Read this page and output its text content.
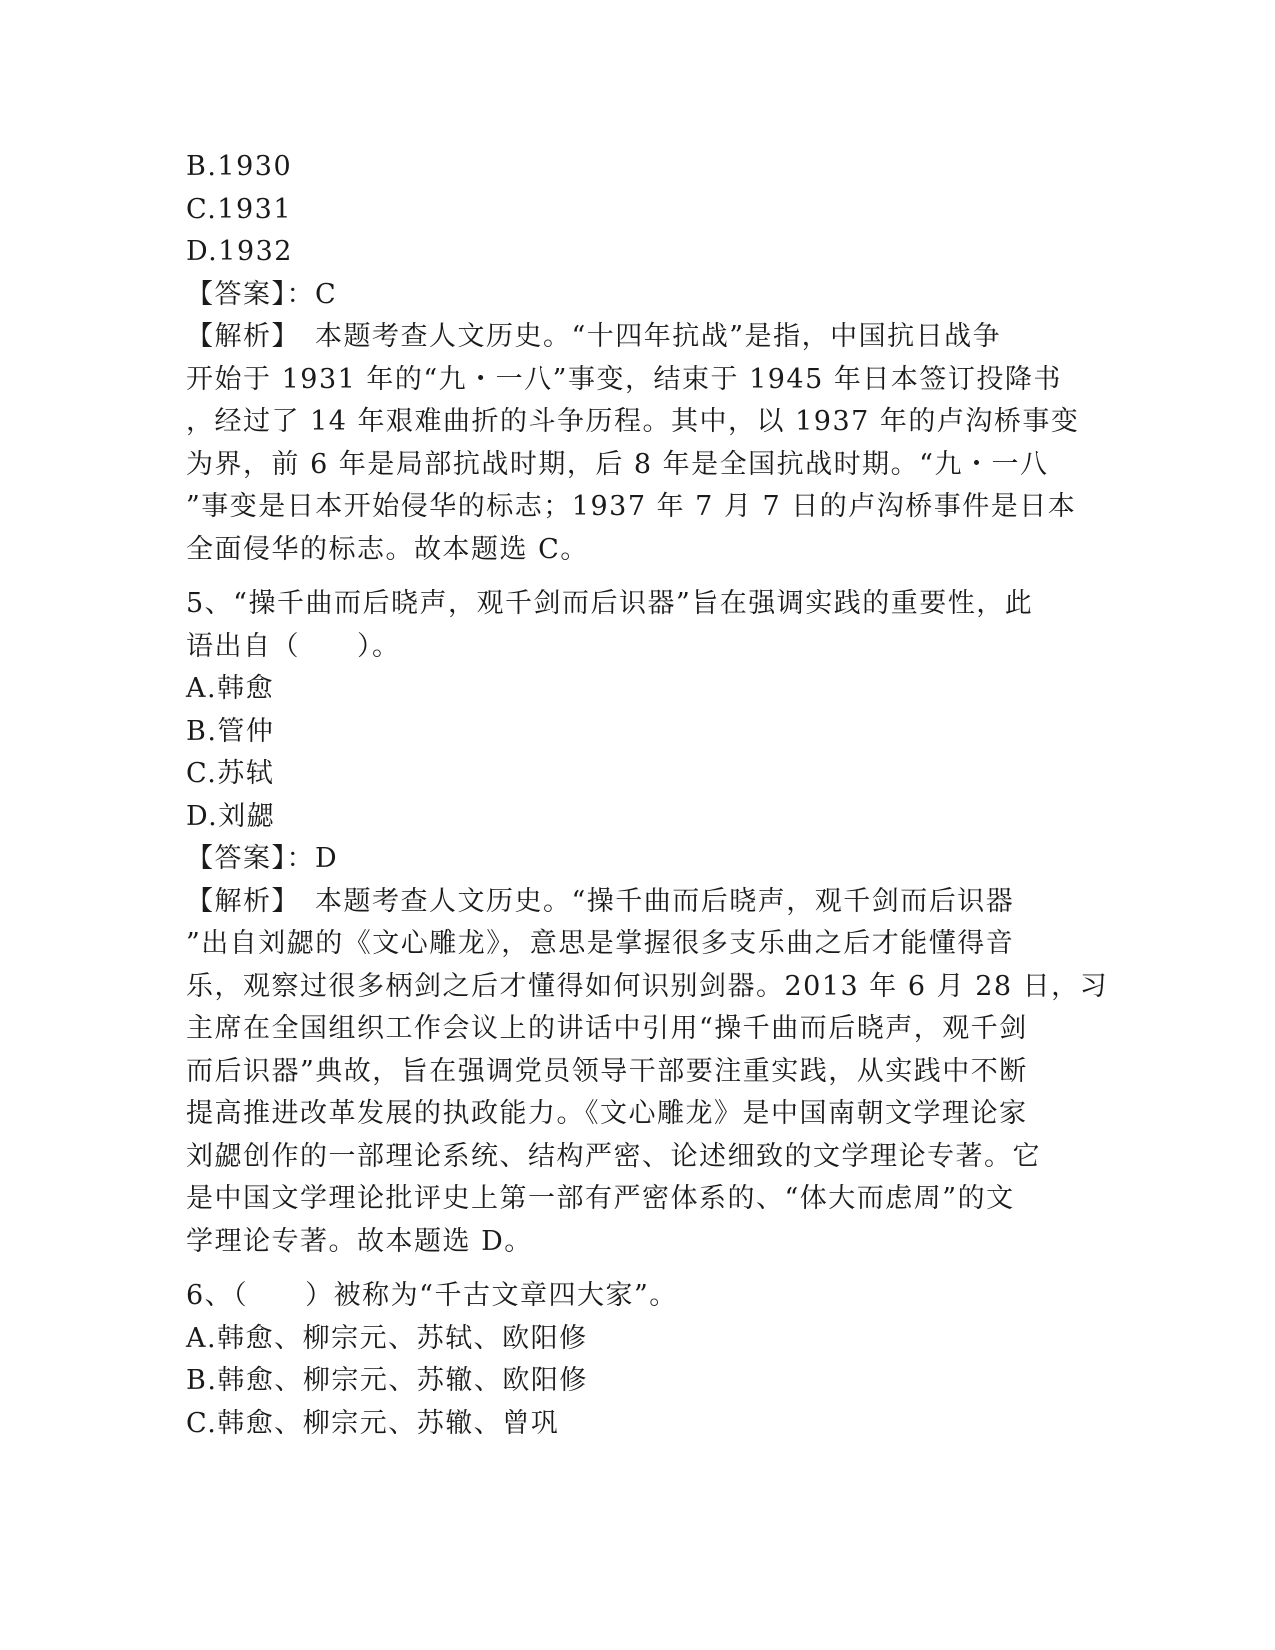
B.1930
C.1931
D.1932
【答案】：C
【解析】　本题考查人文历史。“十四年抗战”是指，中国抗日战争
开始于 1931 年的“九・一八”事变，结束于 1945 年日本签订投降书
，经过了 14 年艰难曲折的斗争历程。其中，以 1937 年的卢沟桥事变
为界，前 6 年是局部抗战时期，后 8 年是全国抗战时期。“九・一八
”事变是日本开始侵华的标志；1937 年 7 月 7 日的卢沟桥事件是日本
全面侵华的标志。故本题选 C。
5、“操千曲而后晓声，观千剑而后识器”旨在强调实践的重要性，此
语出自（　　）。
A.韩愈
B.管仲
C.苏轼
D.刘勰
【答案】：D
【解析】　本题考查人文历史。“操千曲而后晓声，观千剑而后识器
”出自刘勰的《文心雕龙》，意思是掌握很多支乐曲之后才能懂得音
乐，观察过很多柄剑之后才懂得如何识别剑器。2013 年 6 月 28 日，习
主席在全国组织工作会议上的讲话中引用“操千曲而后晓声，观千剑
而后识器”典故，旨在强调党员领导干部要注重实践，从实践中不断
提高推进改革发展的执政能力。《文心雕龙》是中国南朝文学理论家
刘勰创作的一部理论系统、结构严密、论述细致的文学理论专著。它
是中国文学理论批评史上第一部有严密体系的、“体大而虑周”的文
学理论专著。故本题选 D。
6、（　　）被称为“千古文章四大家”。
A.韩愈、柳宗元、苏轼、欧阳修
B.韩愈、柳宗元、苏辙、欧阳修
C.韩愈、柳宗元、苏辙、曾巩
